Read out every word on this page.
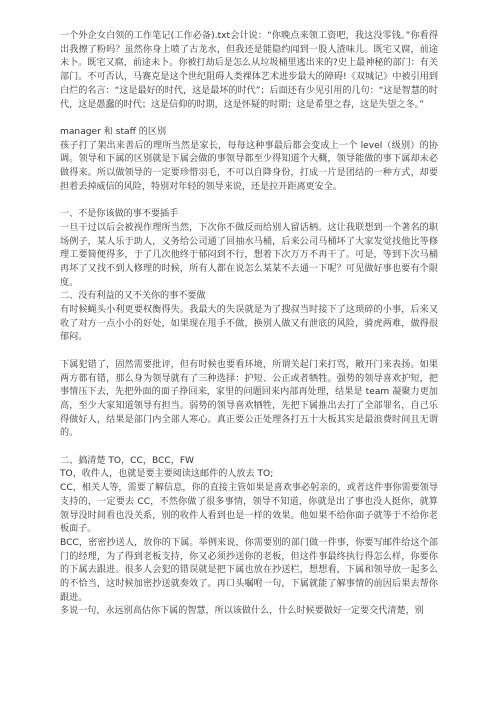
一个外企女白领的工作笔记(工作必备).txt会计说：“你晚点来领工资吧，我这没零钱。”你看得出我擦了粉吗？虽然你身上喷了古龙水，但我还是能隐约闻到一股人渣味儿。既宅又腐，前途未卜。既宅又腐，前途未卜。你被打劫后是怎么从垃圾桶里逃出来的?史上最神秘的部门：有关部门。不可否认，马赛克是这个世纪阻碍人类裸体艺术进步最大的障碍!《双城记》中被引用到白烂的名言：“这是最好的时代，这是最坏的时代”；后面还有少见引用的几句：“这是智慧的时代，这是愚蠢的时代；这是信仰的时期，这是怀疑的时期；这是希望之春，这是失望之冬。”

manager 和 staff 的区别

孩子打了架出来善后的理所当然是家长，每每这种事最后都会变成上一个 level（级别）的协调。领导和下属的区别就是下属会做的事领导都至少得知道个大概，领导能做的事下属却未必做得来。所以做领导的一定要珍惜羽毛，不可以自降身份，打成一片是团结的一种方式，却要担着丢掉威信的风险，特别对年轻的领导来说，还是拉开距离更安全。

一、不是你该做的事不要插手

一旦干过以后会被视作理所当然，下次你不做反而给别人留话柄。这让我联想到一个著名的职场例子，某人乐于助人，义务给公司通了回抽水马桶，后来公司马桶坏了大家发觉找他比等修理工要简便得多，于了几次他终于郁闷到不行，想着下次万万不再干了。可是，等到下次马桶再坏了又找不到人修理的时候，所有人都在说怎么某某不去通一下呢？可见做好事也要有个限度。

二、没有利益的又不关你的事不要做

有时候蝇头小利更要权衡得失。我最大的失误就是为了搜叔当时接下了这琐碎的小事，后来又收了对方一点小小的好处，如果现在甩手不做，换别人做又有泄底的风险，骑虎两难，做得很郁闷。

下属犯错了，固然需要批评，但有时候也要看环境，所谓关起门来打骂，敞开门来表扬。如果两方都有错，那么身为领导就有了三种选择：护短、公正或者牺牲。强势的领导喜欢护短，把事情压下去，先把外面的面子挣回来，家里的问题回来内部再处理，结果是 team 凝聚力更加高，至少大家知道领导有担当。弱势的领导喜欢牺牲，先把下属推出去打了全部罪名，自己乐得做好人，结果是部门内全部人寒心。真正要公正处理各打五十大板其实是最浪费时间且无谓的。

二、搞清楚 TO，CC，BCC，FW

TO，收件人，也就是要主要阅读这邮件的人放去 TO;

CC，相关人等，需要了解信息，你的直接主管如果是喜欢事必躬亲的，或者这件事你需要领导支持的，一定要去 CC，不然你做了很多事情，领导不知道，你就是出了事也没人挺你，就算领导没时间看也没关系，别的收件人看到也是一样的效果。他如果不给你面子就等于不给你老板面子。

BCC，密密抄送人，放你的下属。举例来说，你需要别的部门做一件事，你要写邮件给这个部门的经理，为了得到老板支持，你又必须抄送你的老板，但这件事最终执行得怎么样，你要你的下属去跟进。很多人会犯的错误就是把下属也放在抄送栏，想想看，下属和领导放一起多么的不恰当，这时候加密抄送就奏效了。再口头嘱咐一句，下属就能了解事情的前因后果去帮你跟进。

多说一句，永远别高估你下属的智慧，所以该做什么，什么时候要做好一定要交代清楚，别
